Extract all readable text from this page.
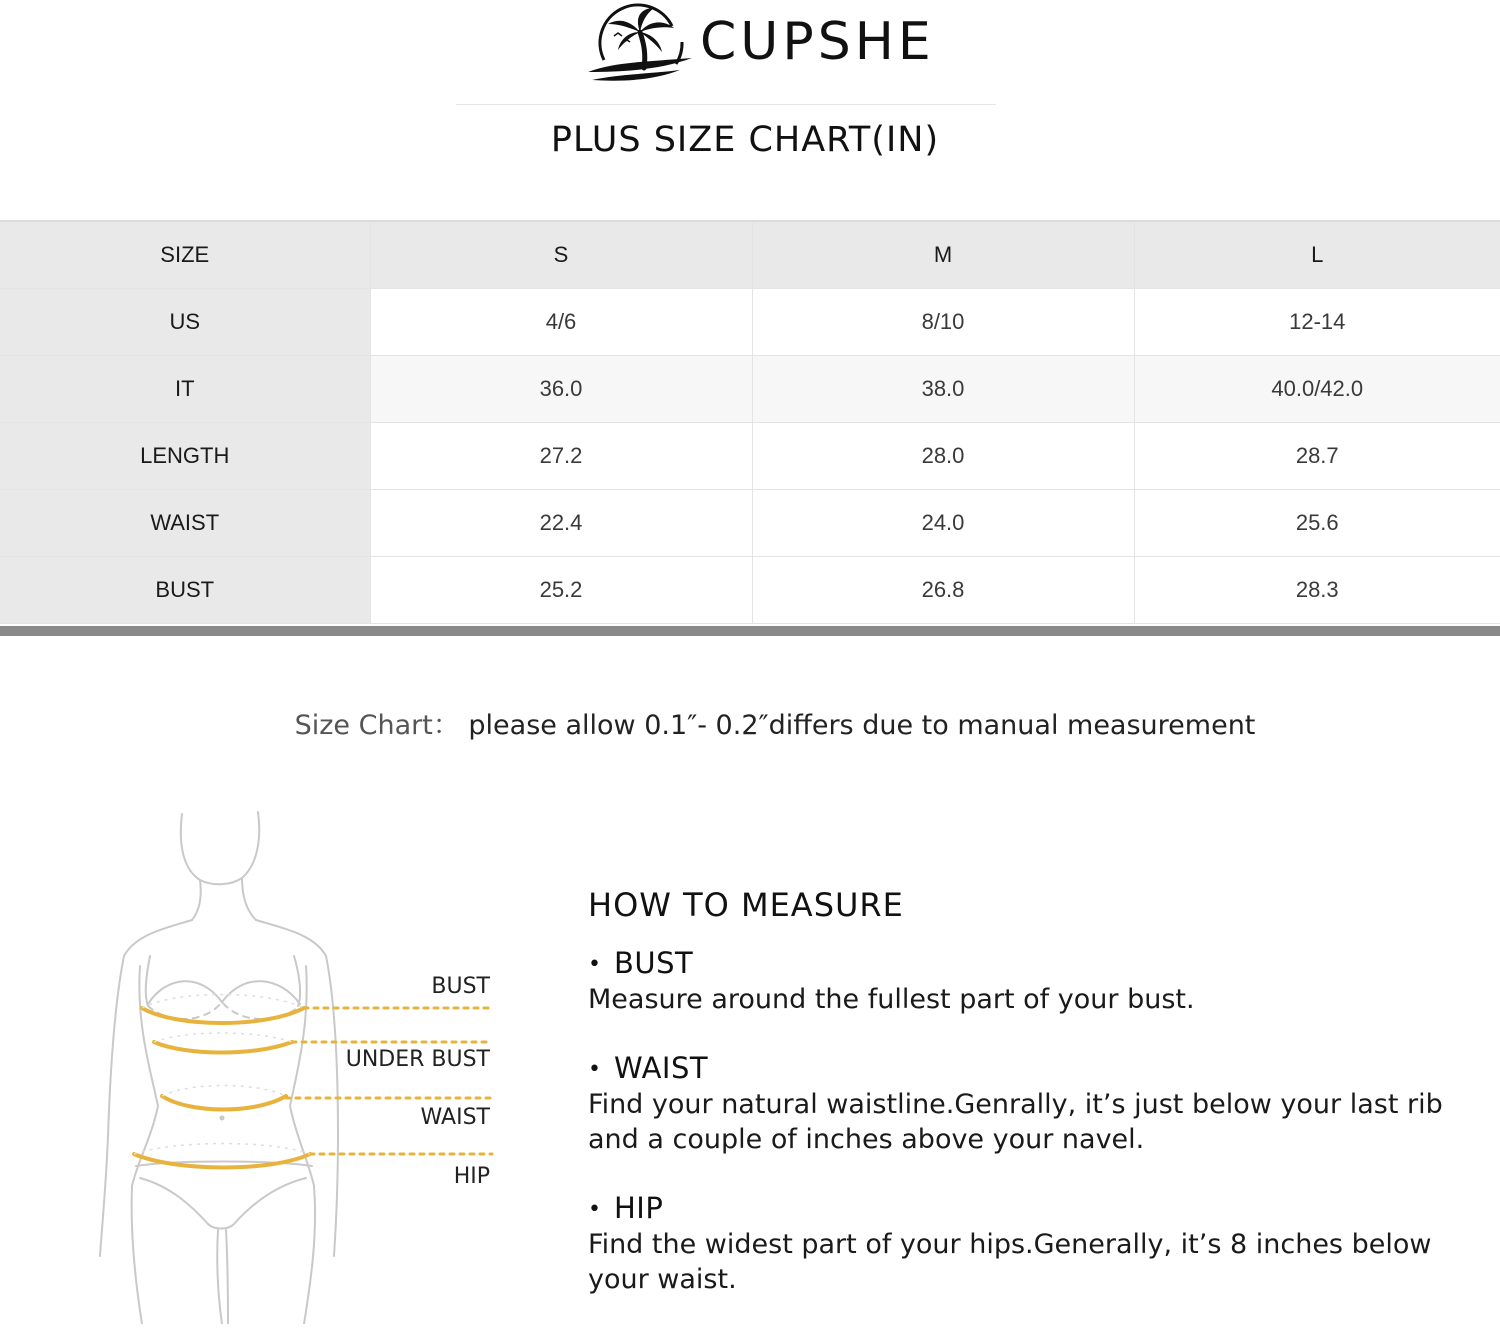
CUPSHE
PLUS SIZE CHART(IN)
SIZE	S	M	L
US	4/6	8/10	12-14
IT	36.0	38.0	40.0/42.0
LENGTH	27.2	28.0	28.7
WAIST	22.4	24.0	25.6
BUST	25.2	26.8	28.3
Size Chart： please allow 0.1″- 0.2″differs due to manual measurement
BUST
UNDER BUST
WAIST
HIP
HOW TO MEASURE
• BUST
Measure around the fullest part of your bust.
• WAIST
Find your natural waistline.Genrally, it’s just below your last rib and a couple of inches above your navel.
• HIP
Find the widest part of your hips.Generally, it’s 8 inches below your waist.
